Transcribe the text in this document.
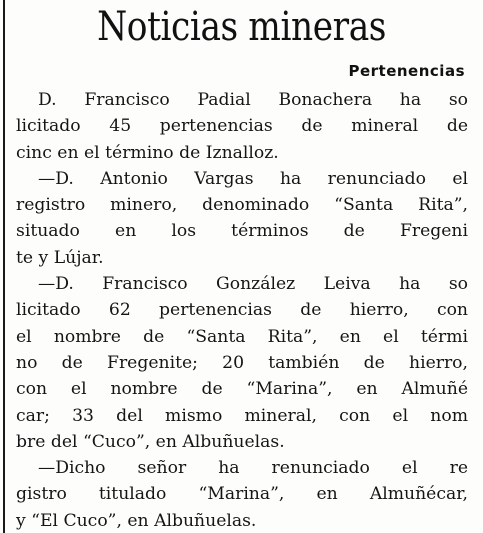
Noticias mineras
Pertenencias
D. Francisco Padial Bonachera ha so
licitado 45 pertenencias de mineral de
cinc en el término de Iznalloz.
—D. Antonio Vargas ha renunciado el
registro minero, denominado “Santa Rita”,
situado en los términos de Fregeni
te y Lújar.
—D. Francisco González Leiva ha so
licitado 62 pertenencias de hierro, con
el nombre de “Santa Rita”, en el térmi
no de Fregenite; 20 también de hierro,
con el nombre de “Marina”, en Almuñé
car; 33 del mismo mineral, con el nom
bre del “Cuco”, en Albuñuelas.
—Dicho señor ha renunciado el re
gistro titulado “Marina”, en Almuñécar,
y “El Cuco”, en Albuñuelas.
